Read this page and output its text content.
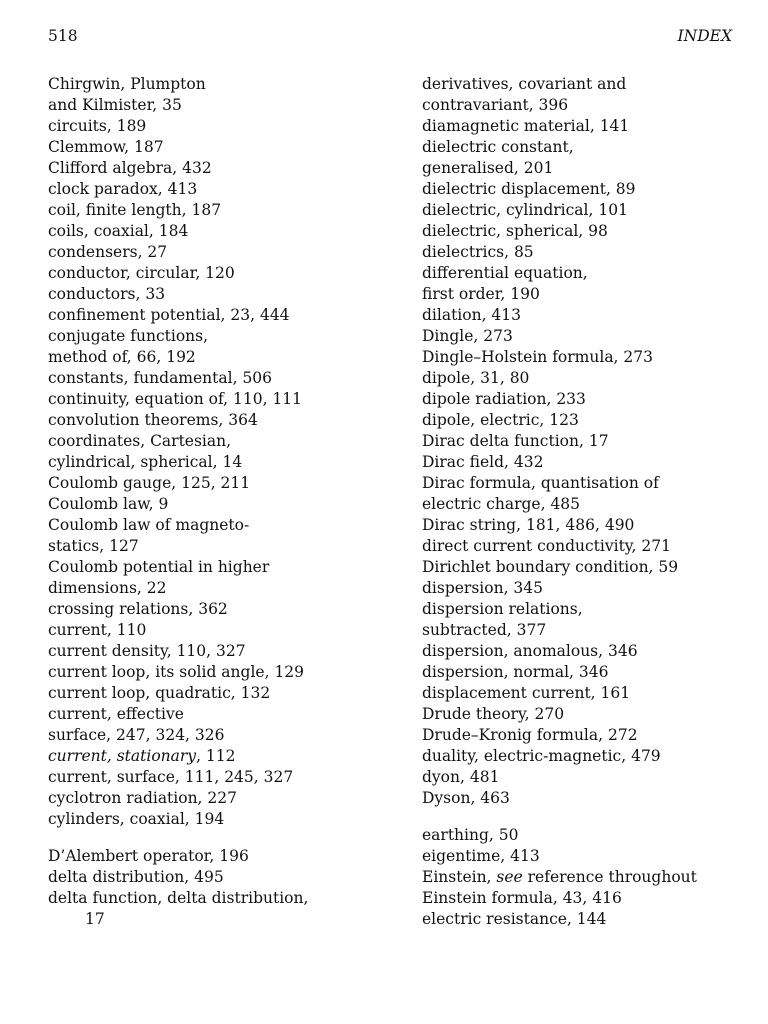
518	INDEX
Chirgwin, Plumpton
and Kilmister, 35
circuits, 189
Clemmow, 187
Clifford algebra, 432
clock paradox, 413
coil, finite length, 187
coils, coaxial, 184
condensers, 27
conductor, circular, 120
conductors, 33
confinement potential, 23, 444
conjugate functions,
method of, 66, 192
constants, fundamental, 506
continuity, equation of, 110, 111
convolution theorems, 364
coordinates, Cartesian,
cylindrical, spherical, 14
Coulomb gauge, 125, 211
Coulomb law, 9
Coulomb law of magneto-
statics, 127
Coulomb potential in higher
dimensions, 22
crossing relations, 362
current, 110
current density, 110, 327
current loop, its solid angle, 129
current loop, quadratic, 132
current, effective
surface, 247, 324, 326
current, stationary, 112
current, surface, 111, 245, 327
cyclotron radiation, 227
cylinders, coaxial, 194
D’Alembert operator, 196
delta distribution, 495
delta function, delta distribution,
17
derivatives, covariant and
contravariant, 396
diamagnetic material, 141
dielectric constant,
generalised, 201
dielectric displacement, 89
dielectric, cylindrical, 101
dielectric, spherical, 98
dielectrics, 85
differential equation,
first order, 190
dilation, 413
Dingle, 273
Dingle–Holstein formula, 273
dipole, 31, 80
dipole radiation, 233
dipole, electric, 123
Dirac delta function, 17
Dirac field, 432
Dirac formula, quantisation of
electric charge, 485
Dirac string, 181, 486, 490
direct current conductivity, 271
Dirichlet boundary condition, 59
dispersion, 345
dispersion relations,
subtracted, 377
dispersion, anomalous, 346
dispersion, normal, 346
displacement current, 161
Drude theory, 270
Drude–Kronig formula, 272
duality, electric-magnetic, 479
dyon, 481
Dyson, 463
earthing, 50
eigentime, 413
Einstein, see reference throughout
Einstein formula, 43, 416
electric resistance, 144
